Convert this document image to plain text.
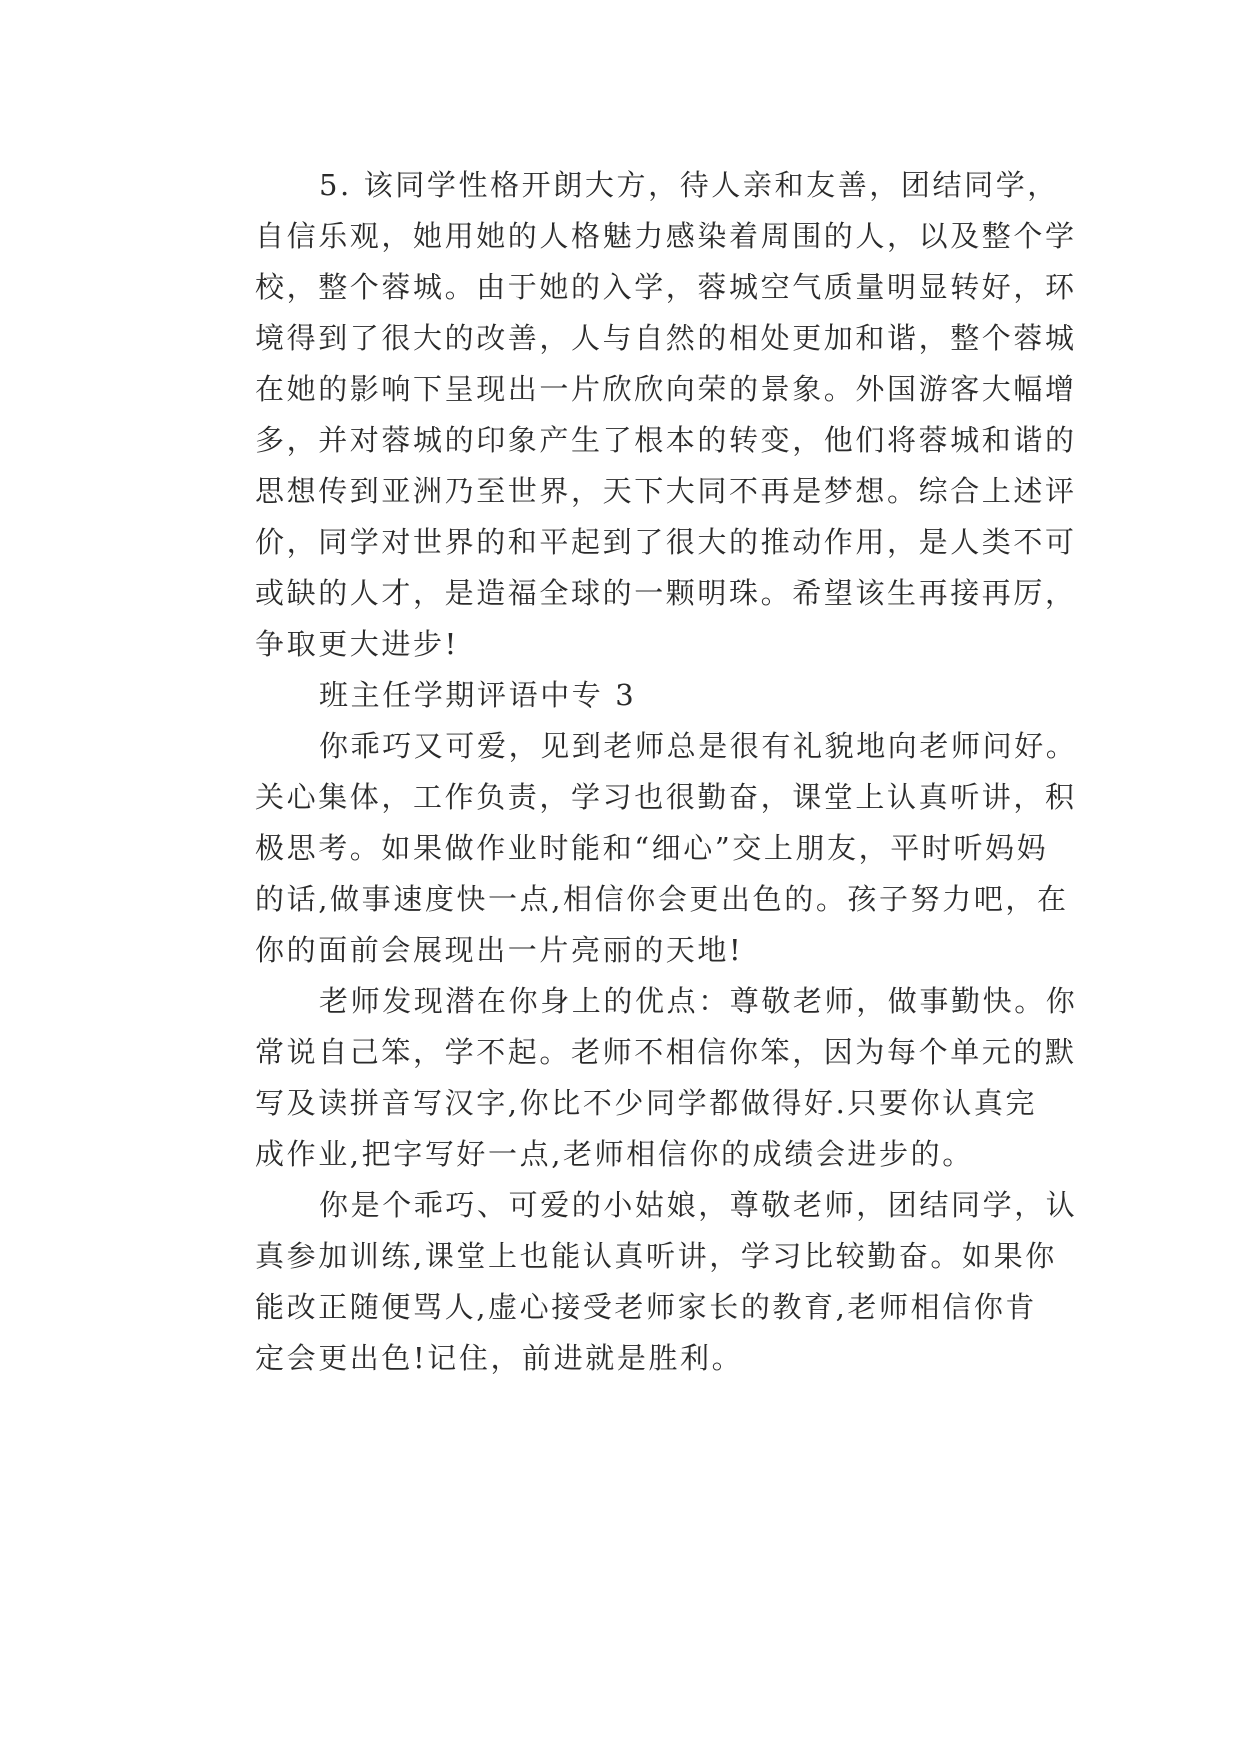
5. 该同学性格开朗大方，待人亲和友善，团结同学，
自信乐观，她用她的人格魅力感染着周围的人，以及整个学
校，整个蓉城。由于她的入学，蓉城空气质量明显转好，环
境得到了很大的改善，人与自然的相处更加和谐，整个蓉城
在她的影响下呈现出一片欣欣向荣的景象。外国游客大幅增
多，并对蓉城的印象产生了根本的转变，他们将蓉城和谐的
思想传到亚洲乃至世界，天下大同不再是梦想。综合上述评
价，同学对世界的和平起到了很大的推动作用，是人类不可
或缺的人才，是造福全球的一颗明珠。希望该生再接再厉，
争取更大进步!
班主任学期评语中专 3
你乖巧又可爱，见到老师总是很有礼貌地向老师问好。
关心集体，工作负责，学习也很勤奋，课堂上认真听讲，积
极思考。如果做作业时能和“细心”交上朋友，平时听妈妈
的话,做事速度快一点,相信你会更出色的。孩子努力吧，在
你的面前会展现出一片亮丽的天地!
老师发现潜在你身上的优点：尊敬老师，做事勤快。你
常说自己笨，学不起。老师不相信你笨，因为每个单元的默
写及读拼音写汉字,你比不少同学都做得好.只要你认真完
成作业,把字写好一点,老师相信你的成绩会进步的。
你是个乖巧、可爱的小姑娘，尊敬老师，团结同学，认
真参加训练,课堂上也能认真听讲，学习比较勤奋。如果你
能改正随便骂人,虚心接受老师家长的教育,老师相信你肯
定会更出色!记住，前进就是胜利。
